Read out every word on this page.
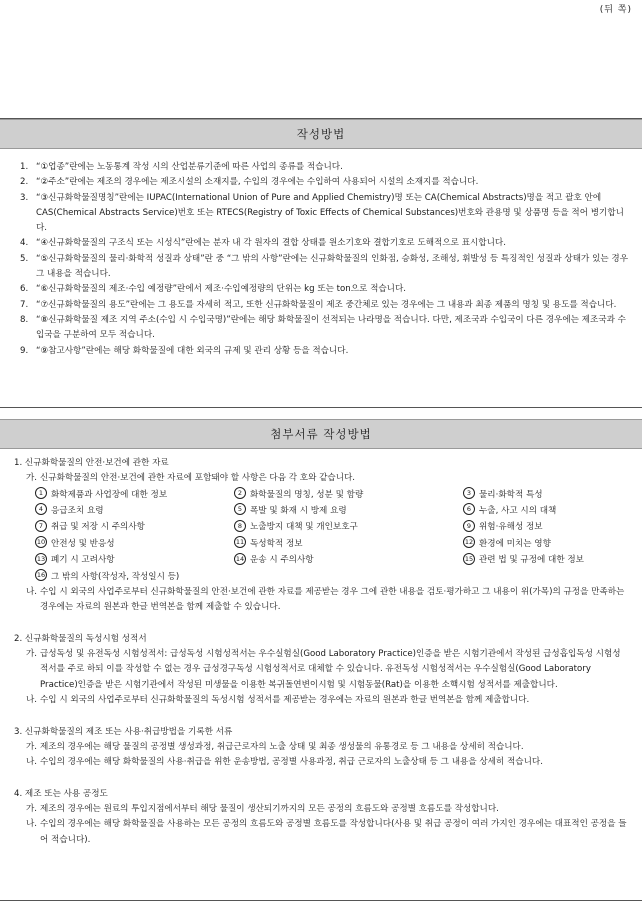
(뒤 쪽)
작성방법
1. “①업종”란에는 노동통계 작성 시의 산업분류기준에 따른 사업의 종류를 적습니다.
2. “②주소”란에는 제조의 경우에는 제조시설의 소재지를, 수입의 경우에는 수입하여 사용되어 시설의 소재지를 적습니다.
3. “③신규화학물질명칭”란에는 IUPAC(International Union of Pure and Applied Chemistry)명 또는 CA(Chemical Abstracts)명을 적고 괄호 안에 CAS(Chemical Abstracts Service)번호 또는 RTECS(Registry of Toxic Effects of Chemical Substances)번호와 관용명 및 상품명 등을 적어 병기합니다.
4. “④신규화학물질의 구조식 또는 시성식”란에는 분자 내 각 원자의 결합 상태를 원소기호와 결합기호로 도해적으로 표시합니다.
5. “⑤신규화학물질의 물리·화학적 성질과 상태”란 중 “그 밖의 사항”란에는 신규화학물질의 인화점, 승화성, 조해성, 휘발성 등 특징적인 성질과 상태가 있는 경우 그 내용을 적습니다.
6. “⑥신규화학물질의 제조·수입 예정량”란에서 제조·수입예정량의 단위는 kg 또는 ton으로 적습니다.
7. “⑦신규화학물질의 용도”란에는 그 용도를 자세히 적고, 또한 신규화학물질이 제조 중간체로 있는 경우에는 그 내용과 최종 제품의 명칭 및 용도를 적습니다.
8. “⑧신규화학물질 제조 지역 주소(수입 시 수입국명)”란에는 해당 화학물질이 선적되는 나라명을 적습니다. 다만, 제조국과 수입국이 다른 경우에는 제조국과 수입국을 구분하여 모두 적습니다.
9. “⑨참고사항”란에는 해당 화학물질에 대한 외국의 규제 및 관리 상황 등을 적습니다.
첨부서류 작성방법
1. 신규화학물질의 안전·보건에 관한 자료
가. 신규화학물질의 안전·보건에 관한 자료에 포함돼야 할 사항은 다음 각 호와 같습니다.
1 화학제품과 사업장에 대한 정보	2 화학물질의 명칭, 성분 및 함량	3 물리·화학적 특성
4 응급조치 요령	5 폭발 및 화재 시 방제 요령	6 누출, 사고 시의 대책
7 취급 및 저장 시 주의사항	8 노출방지 대책 및 개인보호구	9 위험·유해성 정보
10 안전성 및 반응성	11 독성학적 정보	12 환경에 미치는 영향
13 폐기 시 고려사항	14 운송 시 주의사항	15 관련 법 및 규정에 대한 정보
16 그 밖의 사항(작성자, 작성일시 등)
나. 수입 시 외국의 사업주로부터 신규화학물질의 안전·보건에 관한 자료를 제공받는 경우 그에 관한 내용을 검토·평가하고 그 내용이 위(가목)의 규정을 만족하는 경우에는 자료의 원본과 한글 번역본을 함께 제출할 수 있습니다.
2. 신규화학물질의 독성시험 성적서
가. 급성독성 및 유전독성 시험성적서: 급성독성 시험성적서는 우수실험실(Good Laboratory Practice)인증을 받은 시험기관에서 작성된 급성흡입독성 시험성적서를 주로 하되 이를 작성할 수 없는 경우 급성경구독성 시험성적서로 대체할 수 있습니다. 유전독성 시험성적서는 우수실험실(Good Laboratory Practice)인증을 받은 시험기관에서 작성된 미생물을 이용한 복귀돌연변이시험 및 시험동물(Rat)을 이용한 소핵시험 성적서를 제출합니다.
나. 수입 시 외국의 사업주로부터 신규화학물질의 독성시험 성적서를 제공받는 경우에는 자료의 원본과 한글 번역본을 함께 제출합니다.
3. 신규화학물질의 제조 또는 사용·취급방법을 기록한 서류
가. 제조의 경우에는 해당 물질의 공정별 생성과정, 취급근로자의 노출 상태 및 최종 생성물의 유통경로 등 그 내용을 상세히 적습니다.
나. 수입의 경우에는 해당 화학물질의 사용·취급을 위한 운송방법, 공정별 사용과정, 취급 근로자의 노출상태 등 그 내용을 상세히 적습니다.
4. 제조 또는 사용 공정도
가. 제조의 경우에는 원료의 투입지점에서부터 해당 물질이 생산되기까지의 모든 공정의 흐름도와 공정별 흐름도를 작성합니다.
나. 수입의 경우에는 해당 화학물질을 사용하는 모든 공정의 흐름도와 공정별 흐름도를 작성합니다(사용 및 취급 공정이 여러 가지인 경우에는 대표적인 공정을 들어 적습니다).
